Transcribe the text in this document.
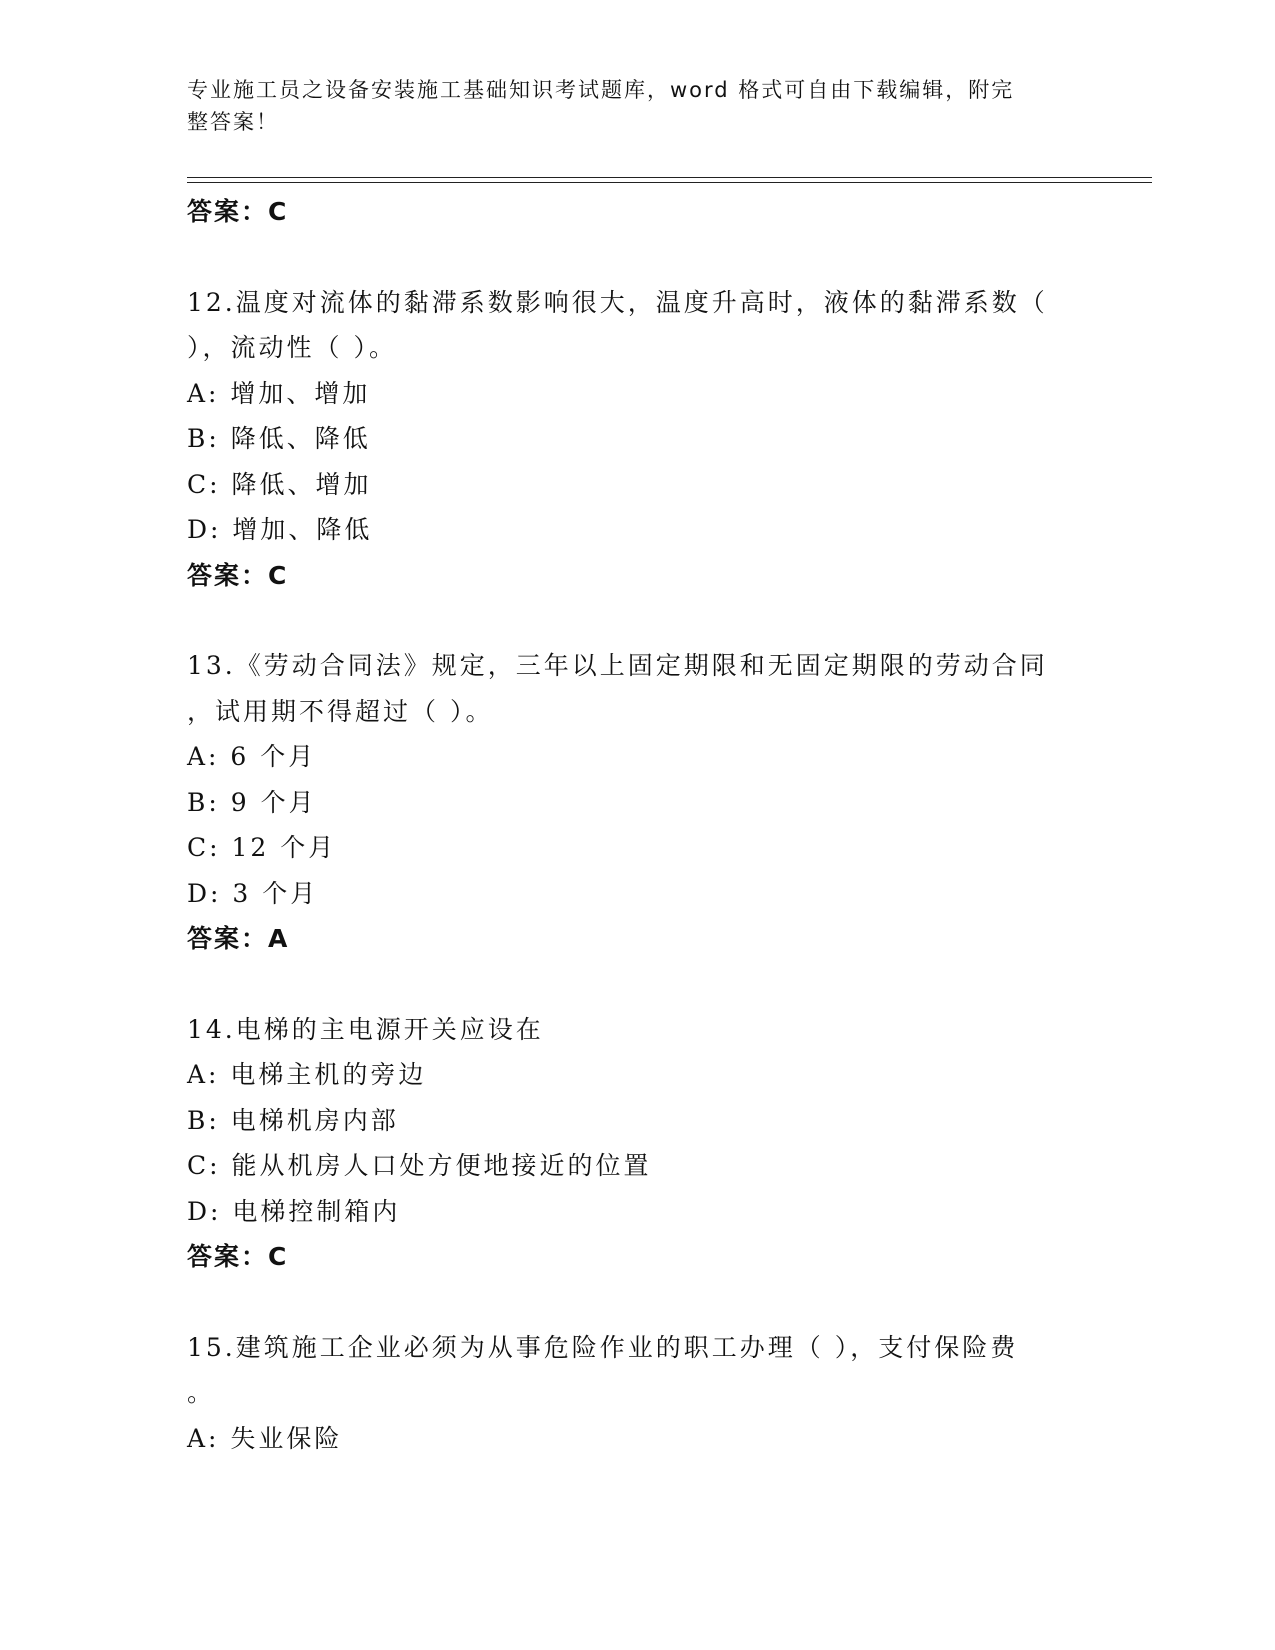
专业施工员之设备安装施工基础知识考试题库，word 格式可自由下载编辑，附完
整答案！
答案：C
12.温度对流体的黏滞系数影响很大，温度升高时，液体的黏滞系数（
），流动性（ ）。
A: 增加、增加
B: 降低、降低
C: 降低、增加
D: 增加、降低
答案：C
13.《劳动合同法》规定，三年以上固定期限和无固定期限的劳动合同
，试用期不得超过（ ）。
A: 6 个月
B: 9 个月
C: 12 个月
D: 3 个月
答案：A
14.电梯的主电源开关应设在
A: 电梯主机的旁边
B: 电梯机房内部
C: 能从机房人口处方便地接近的位置
D: 电梯控制箱内
答案：C
15.建筑施工企业必须为从事危险作业的职工办理（ ），支付保险费
。
A: 失业保险
